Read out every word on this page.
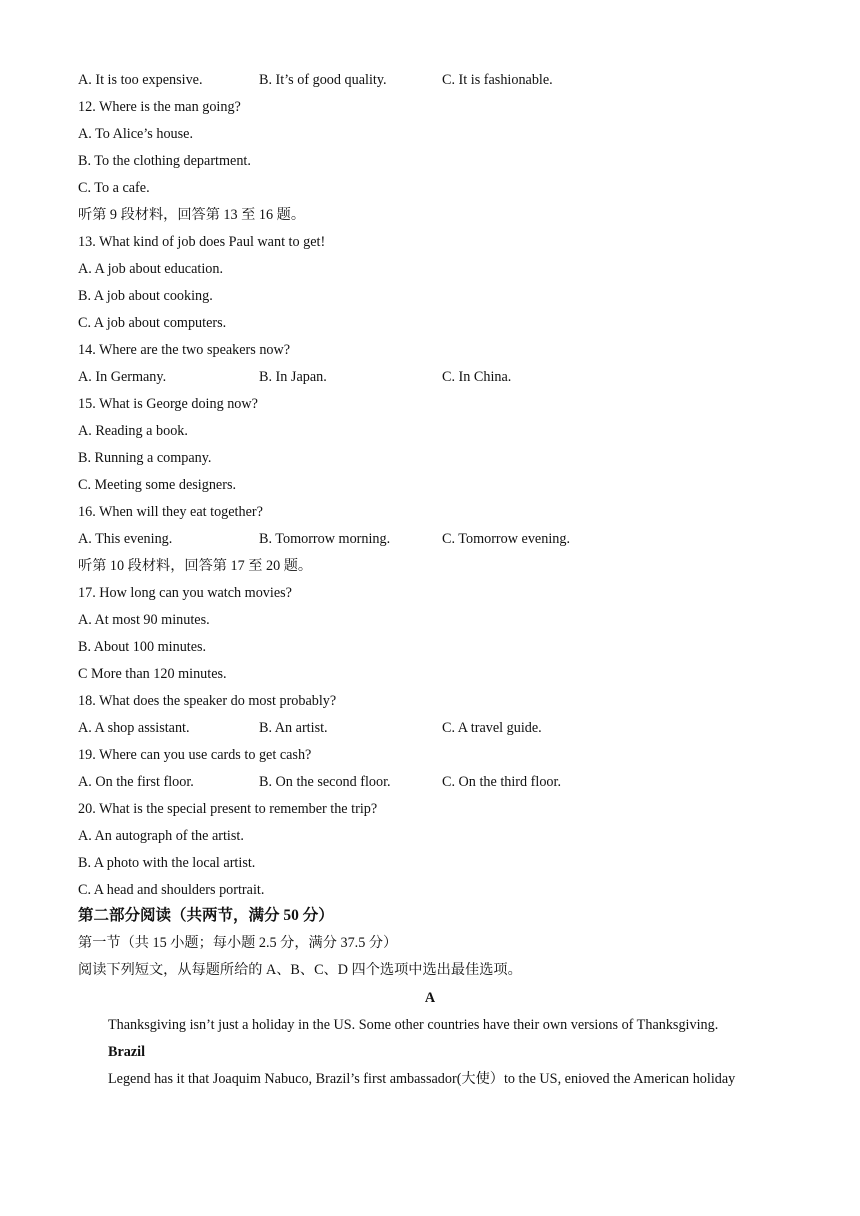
A. It is too expensive.	B. It’s of good quality.	C. It is fashionable.
12. Where is the man going?
A. To Alice’s house.
B. To the clothing department.
C. To a cafe.
听第 9 段材料，回答第 13 至 16 题。
13. What kind of job does Paul want to get!
A. A job about education.
B. A job about cooking.
C. A job about computers.
14. Where are the two speakers now?
A. In Germany.	B. In Japan.	C. In China.
15. What is George doing now?
A. Reading a book.
B. Running a company.
C. Meeting some designers.
16. When will they eat together?
A. This evening.	B. Tomorrow morning.	C. Tomorrow evening.
听第 10 段材料，回答第 17 至 20 题。
17. How long can you watch movies?
A. At most 90 minutes.
B. About 100 minutes.
C More than 120 minutes.
18. What does the speaker do most probably?
A. A shop assistant.	B. An artist.	C. A travel guide.
19. Where can you use cards to get cash?
A. On the first floor.	B. On the second floor.	C. On the third floor.
20. What is the special present to remember the trip?
A. An autograph of the artist.
B. A photo with the local artist.
C. A head and shoulders portrait.
第二部分阅读（共两节，满分 50 分）
第一节（共 15 小题；每小题 2.5 分，满分 37.5 分）
阅读下列短文，从每题所给的 A、B、C、D 四个选项中选出最佳选项。
A
Thanksgiving isn’t just a holiday in the US. Some other countries have their own versions of Thanksgiving.
Brazil
Legend has it that Joaquim Nabuco, Brazil’s first ambassador(大使）to the US, enioved the American holiday
